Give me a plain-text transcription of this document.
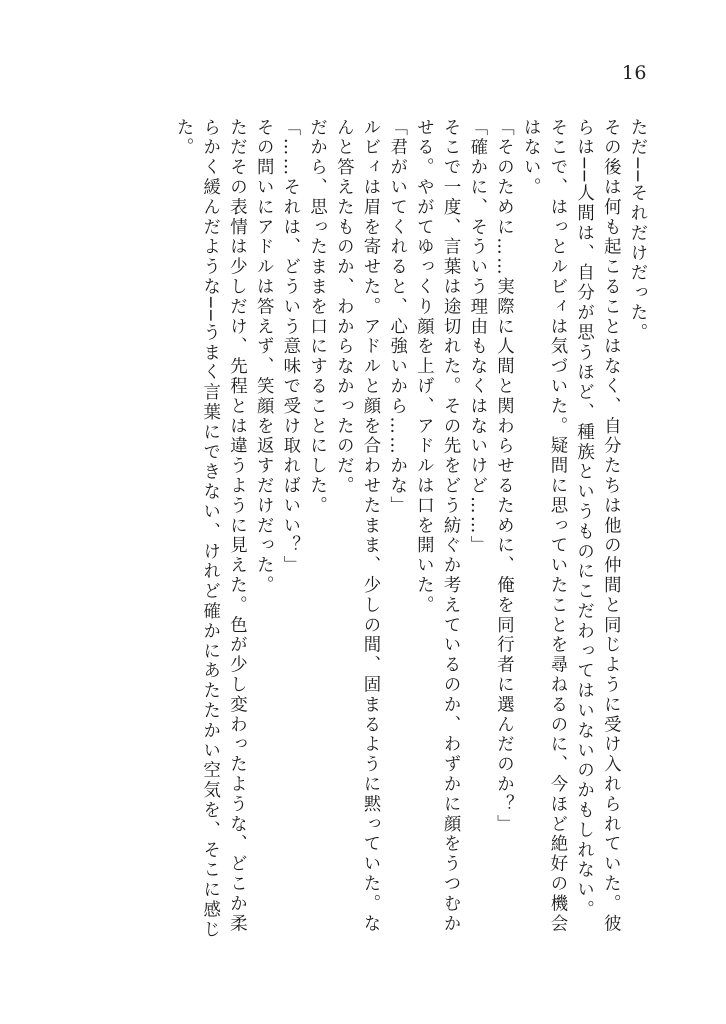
16
ただ──それだけだった。
その後は何も起こることはなく、自分たちは他の仲間と同じように受け入れられていた。彼
らは──人間は、自分が思うほど、種族というものにこだわってはいないのかもしれない。
そこで、はっとルビィは気づいた。疑問に思っていたことを尋ねるのに、今ほど絶好の機会
はない。
「そのために……実際に人間と関わらせるために、俺を同行者に選んだのか？」
「確かに、そういう理由もなくはないけど……」
そこで一度、言葉は途切れた。その先をどう紡ぐか考えているのか、わずかに顔をうつむか
せる。やがてゆっくり顔を上げ、アドルは口を開いた。
「君がいてくれると、心強いから……かな」
ルビィは眉を寄せた。アドルと顔を合わせたまま、少しの間、固まるように黙っていた。な
んと答えたものか、わからなかったのだ。
だから、思ったままを口にすることにした。
「……それは、どういう意味で受け取ればいい？」
その問いにアドルは答えず、笑顔を返すだけだった。
ただその表情は少しだけ、先程とは違うように見えた。色が少し変わったような、どこか柔
らかく緩んだような──うまく言葉にできない、けれど確かにあたたかい空気を、そこに感じ
た。
